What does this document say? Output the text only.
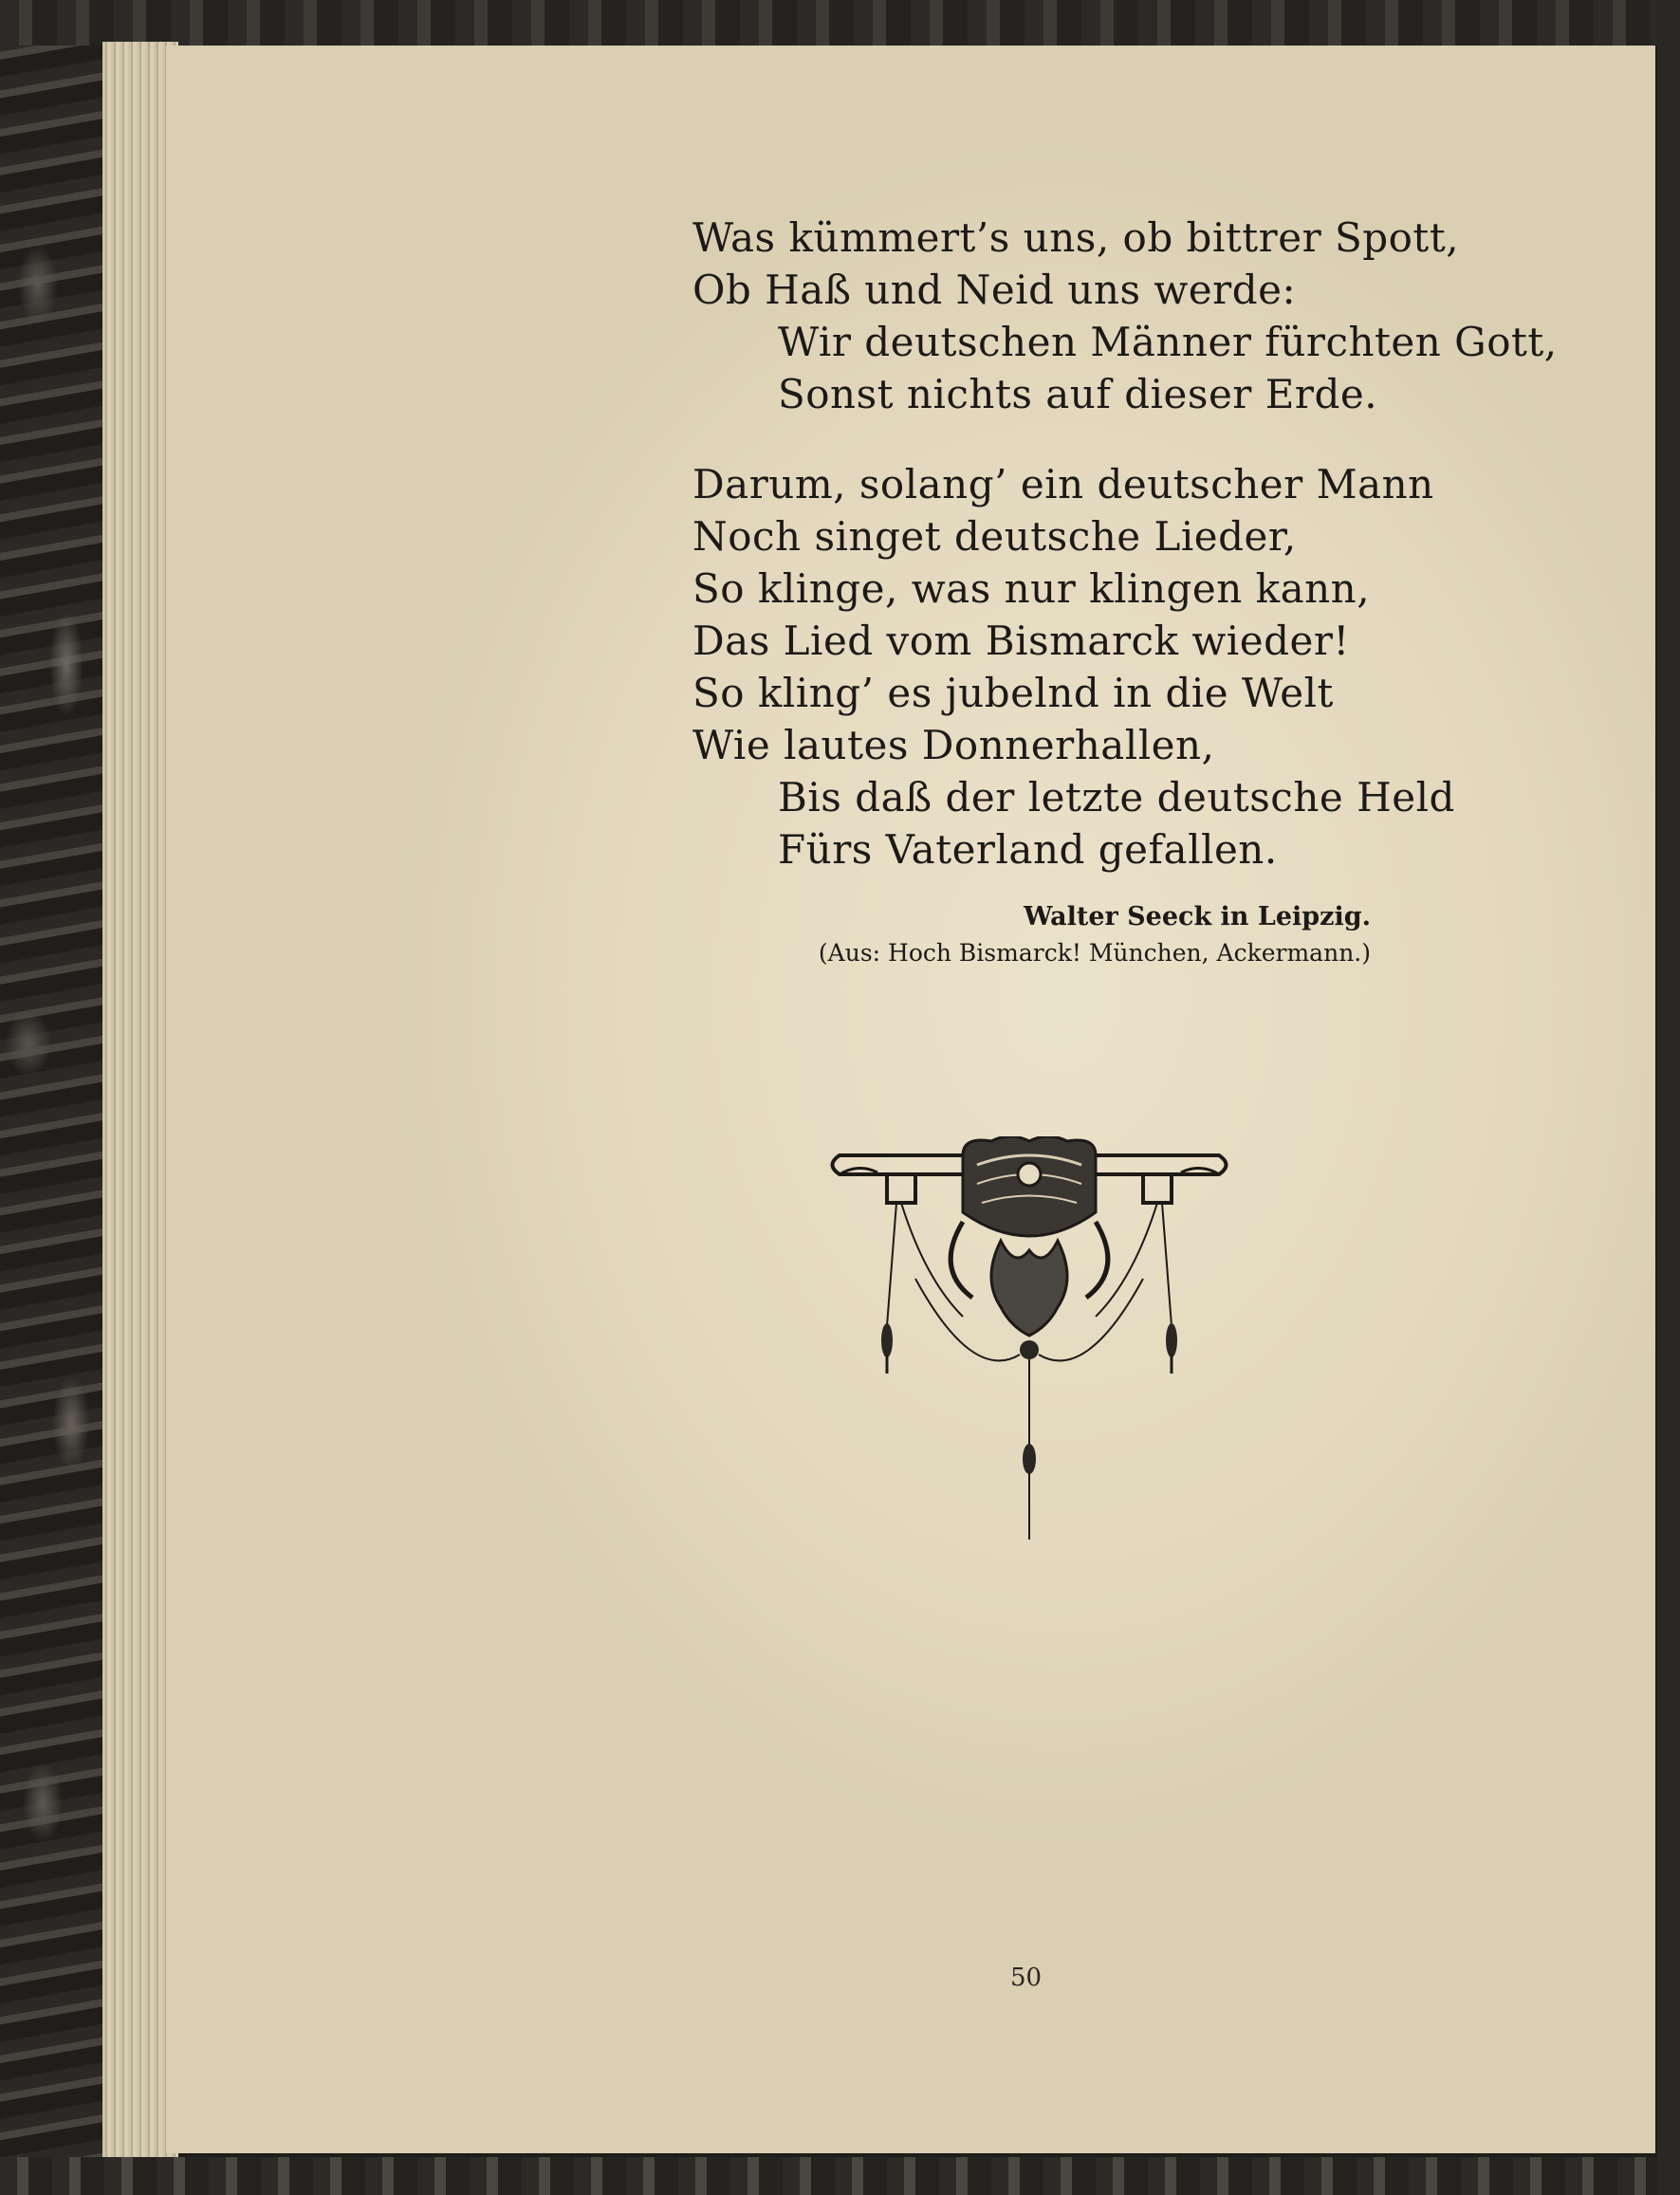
Was kümmert’s uns, ob bittrer Spott,
Ob Haß und Neid uns werde:
Wir deutschen Männer fürchten Gott,
Sonst nichts auf dieser Erde.
Darum, solang’ ein deutscher Mann
Noch singet deutsche Lieder,
So klinge, was nur klingen kann,
Das Lied vom Bismarck wieder!
So kling’ es jubelnd in die Welt
Wie lautes Donnerhallen,
Bis daß der letzte deutsche Held
Fürs Vaterland gefallen.
Walter Seeck in Leipzig.
(Aus: Hoch Bismarck! München, Ackermann.)
50
